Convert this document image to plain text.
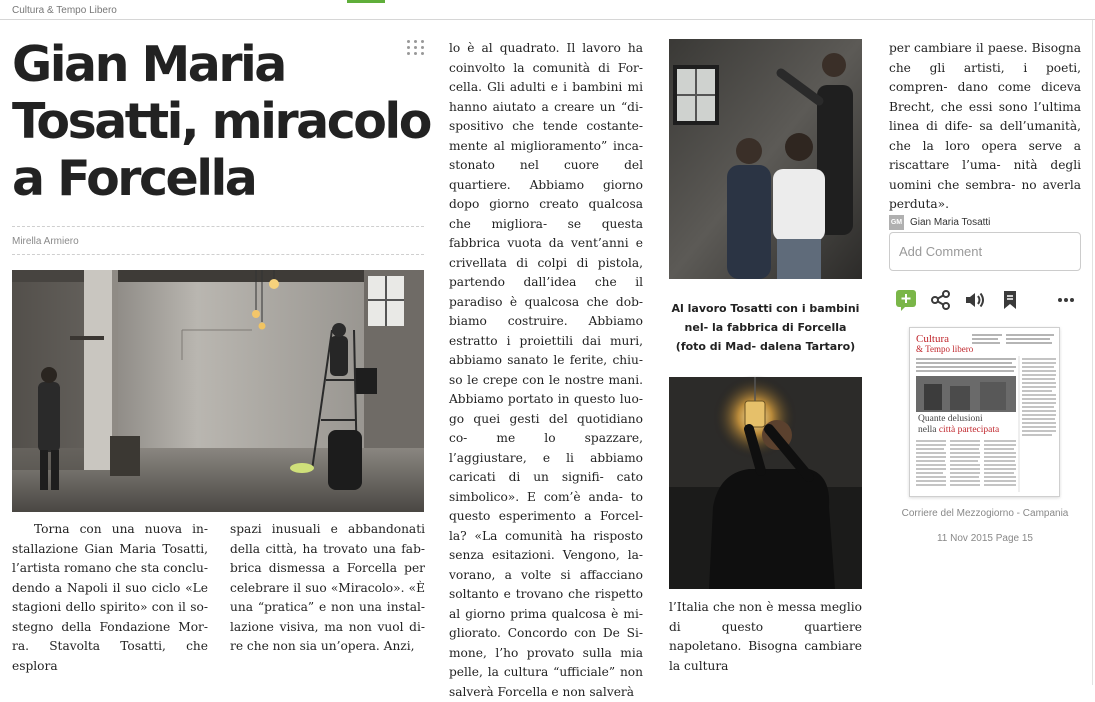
Cultura & Tempo Libero
Gian Maria
Tosatti, miracolo
a Forcella
Mirella Armiero
Torna con una nuova in- stallazione Gian Maria Tosatti, l’artista romano che sta conclu- dendo a Napoli il suo ciclo «Le stagioni dello spirito» con il so- stegno della Fondazione Mor- ra. Stavolta Tosatti, che esplora
spazi inusuali e abbandonati della città, ha trovato una fab- brica dismessa a Forcella per celebrare il suo «Miracolo». «È una “pratica” e non una instal- lazione visiva, ma non vuol di- re che non sia un’opera. Anzi,
lo è al quadrato. Il lavoro ha coinvolto la comunità di For- cella. Gli adulti e i bambini mi hanno aiutato a creare un “di- spositivo che tende costante- mente al miglioramento” inca- stonato nel cuore del quartiere. Abbiamo giorno dopo giorno creato qualcosa che migliora- se questa fabbrica vuota da vent’anni e crivellata di colpi di pistola, partendo dall’idea che il paradiso è qualcosa che dob- biamo costruire. Abbiamo estratto i proiettili dai muri, abbiamo sanato le ferite, chiu- so le crepe con le nostre mani. Abbiamo portato in questo luo- go quei gesti del quotidiano co- me lo spazzare, l’aggiustare, e li abbiamo caricati di un signifi- cato simbolico». E com’è anda- to questo esperimento a Forcel- la? «La comunità ha risposto senza esitazioni. Vengono, la- vorano, a volte si affacciano soltanto e trovano che rispetto al giorno prima qualcosa è mi- gliorato. Concordo con De Si- mone, l’ho provato sulla mia pelle, la cultura “ufficiale” non salverà Forcella e non salverà
Al lavoro Tosatti con i bambini nel- la fabbrica di Forcella (foto di Mad- dalena Tartaro)
l’Italia che non è messa meglio di questo quartiere napoletano. Bisogna cambiare la cultura
per cambiare il paese. Bisogna che gli artisti, i poeti, compren- dano come diceva Brecht, che essi sono l’ultima linea di dife- sa dell’umanità, che la loro opera serve a riscattare l’uma- nità degli uomini che sembra- no averla perduta».
GM Gian Maria Tosatti
Add Comment
Cultura
& Tempo libero
Quante delusioni
nella città partecipata
Corriere del Mezzogiorno - Campania
11 Nov 2015 Page 15
